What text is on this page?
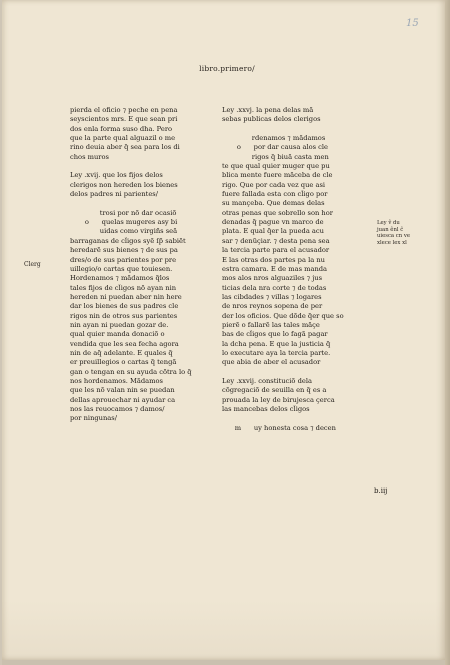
15
libro.primero/
pierda el oficio ⁊ peche en pena
seyscientos mrs. E que sean pri
dos enla forma suso dha. Pero
que la parte qual alguazil o me
rino deuia aber q̃ sea para los di
chos muros
Ley .xvij. que los fijos delos
clerigos non hereden los bienes
delos padres ni parientes/
trosi por nõ dar ocasiõ
o      quelas mugeres asy bi
uidas como virgiñs seã
barraganas de cl̃igos syẽ ſp̃ sabiẽt
heredarẽ sus bienes ⁊ de sus pa
dres/o de sus parientes por pre
uillegio/o cartas que touiesen.
Hordenamos ⁊ mãdamos q̃los
tales fijos de cl̃igos nõ ayan nin
hereden ni puedan aber nin here
dar los bienes de sus padres cle
rigos nin de otros sus parientes
nin ayan ni puedan gozar de.
qual quier manda donaciõ o
vendida que les sea fecha agora
nin de aq̃ adelante. E quales q̃
er preuillegios o cartas q̃ tengã
gan o tengan en su ayuda cõtra lo q̃
nos hordenamos. Mãdamos
que les nõ valan nin se puedan
dellas aprouechar ni ayudar ca
nos las reuocamos ⁊ damos/
por ningunas/
Ley .xxvj. la pena delas mã
sebas publicas delos clerigos
rdenamos ⁊ mãdamos
o      por dar causa alos cle
rigos q̃ biuã casta men
te que qual quier muger que pu
blica mente fuere mãceba de cle
rigo. Que por cada vez que asi
fuere fallada esta con cl̃igo por
su mançeba. Que demas delas
otras penas que sobrello son hor
denadas q̃ pague vn marco de
plata. E qual q̃er la pueda acu
sar ⁊ denũçiar. ⁊ desta pena sea
la tercia parte para el acusador
E las otras dos partes pa la nu
estra camara. E de mas manda
mos alos nros alguaziles ⁊ jus
ticias dela nra corte ⁊ de todas
las cibdades ⁊ villas ⁊ logares
de nros reynos sopena de per
der los oficios. Que dõde q̃er que so
pierẽ o fallarẽ las tales mãçe
bas de cl̃igos que lo fagã pagar
la dcha pena. E que la justicia q̃
lo executare aya la tercia parte.
que abia de aber el acusador
Ley .xxvij. constituciõ dela
cõgregaciõ de seuilla en q̃ es a
prouada la ley de birujesca çerca
las mancebas delos cl̃igos
m      uy honesta cosa ⁊ decen
Clerg
Ley ṽ du
juan ẽnl ĉ
uiesca cn ve
xlece lex xl
b.iij
